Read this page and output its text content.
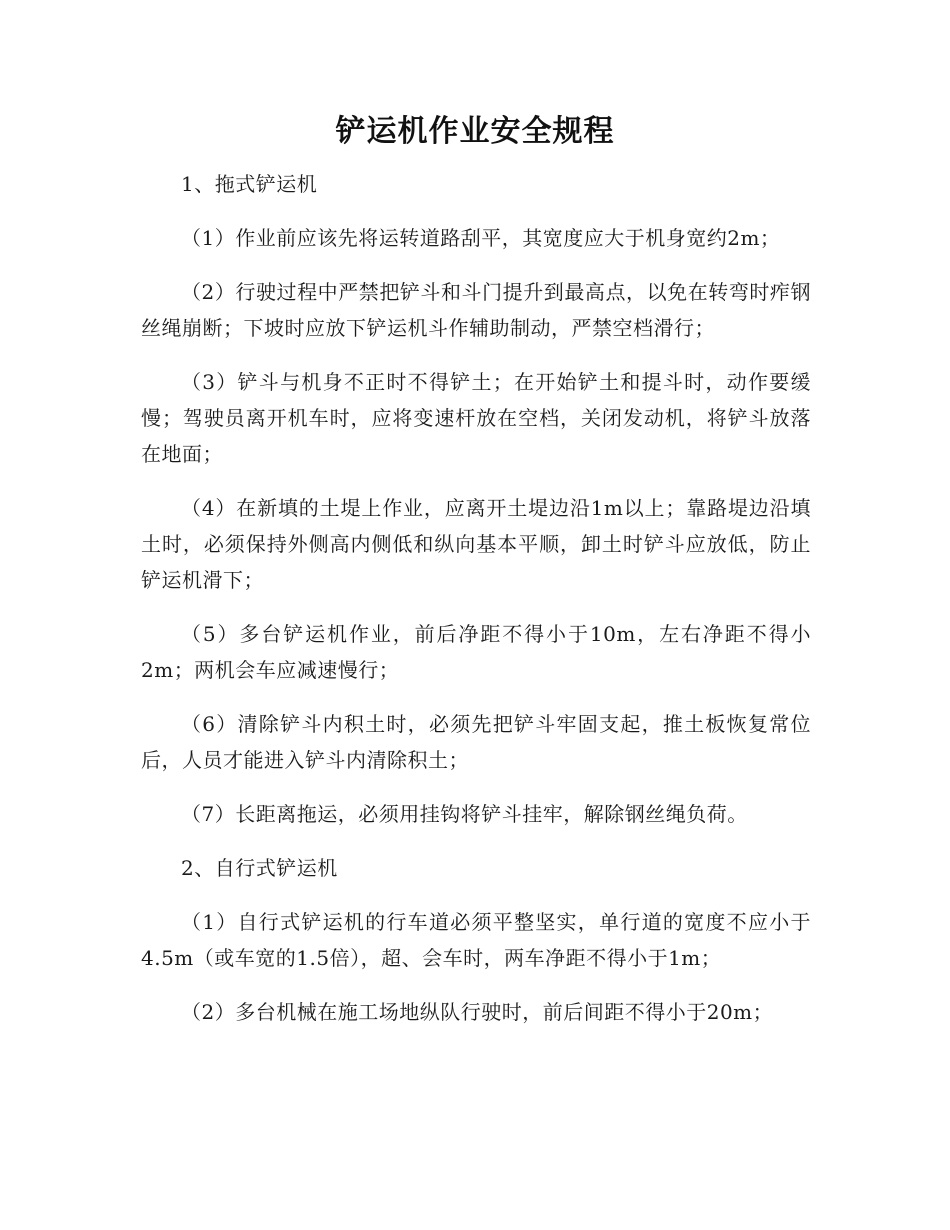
铲运机作业安全规程

1、拖式铲运机

（1）作业前应该先将运转道路刮平，其宽度应大于机身宽约2m；

（2）行驶过程中严禁把铲斗和斗门提升到最高点，以免在转弯时痄钢丝绳崩断；下坡时应放下铲运机斗作辅助制动，严禁空档滑行；

（3）铲斗与机身不正时不得铲土；在开始铲土和提斗时，动作要缓慢；驾驶员离开机车时，应将变速杆放在空档，关闭发动机，将铲斗放落在地面；

（4）在新填的土堤上作业，应离开土堤边沿1m以上；靠路堤边沿填土时，必须保持外侧高内侧低和纵向基本平顺，卸土时铲斗应放低，防止铲运机滑下；

（5）多台铲运机作业，前后净距不得小于10m，左右净距不得小2m；两机会车应减速慢行；

（6）清除铲斗内积土时，必须先把铲斗牢固支起，推土板恢复常位后，人员才能进入铲斗内清除积土；

（7）长距离拖运，必须用挂钩将铲斗挂牢，解除钢丝绳负荷。

2、自行式铲运机

（1）自行式铲运机的行车道必须平整坚实，单行道的宽度不应小于4.5m（或车宽的1.5倍），超、会车时，两车净距不得小于1m；

（2）多台机械在施工场地纵队行驶时，前后间距不得小于20m；
